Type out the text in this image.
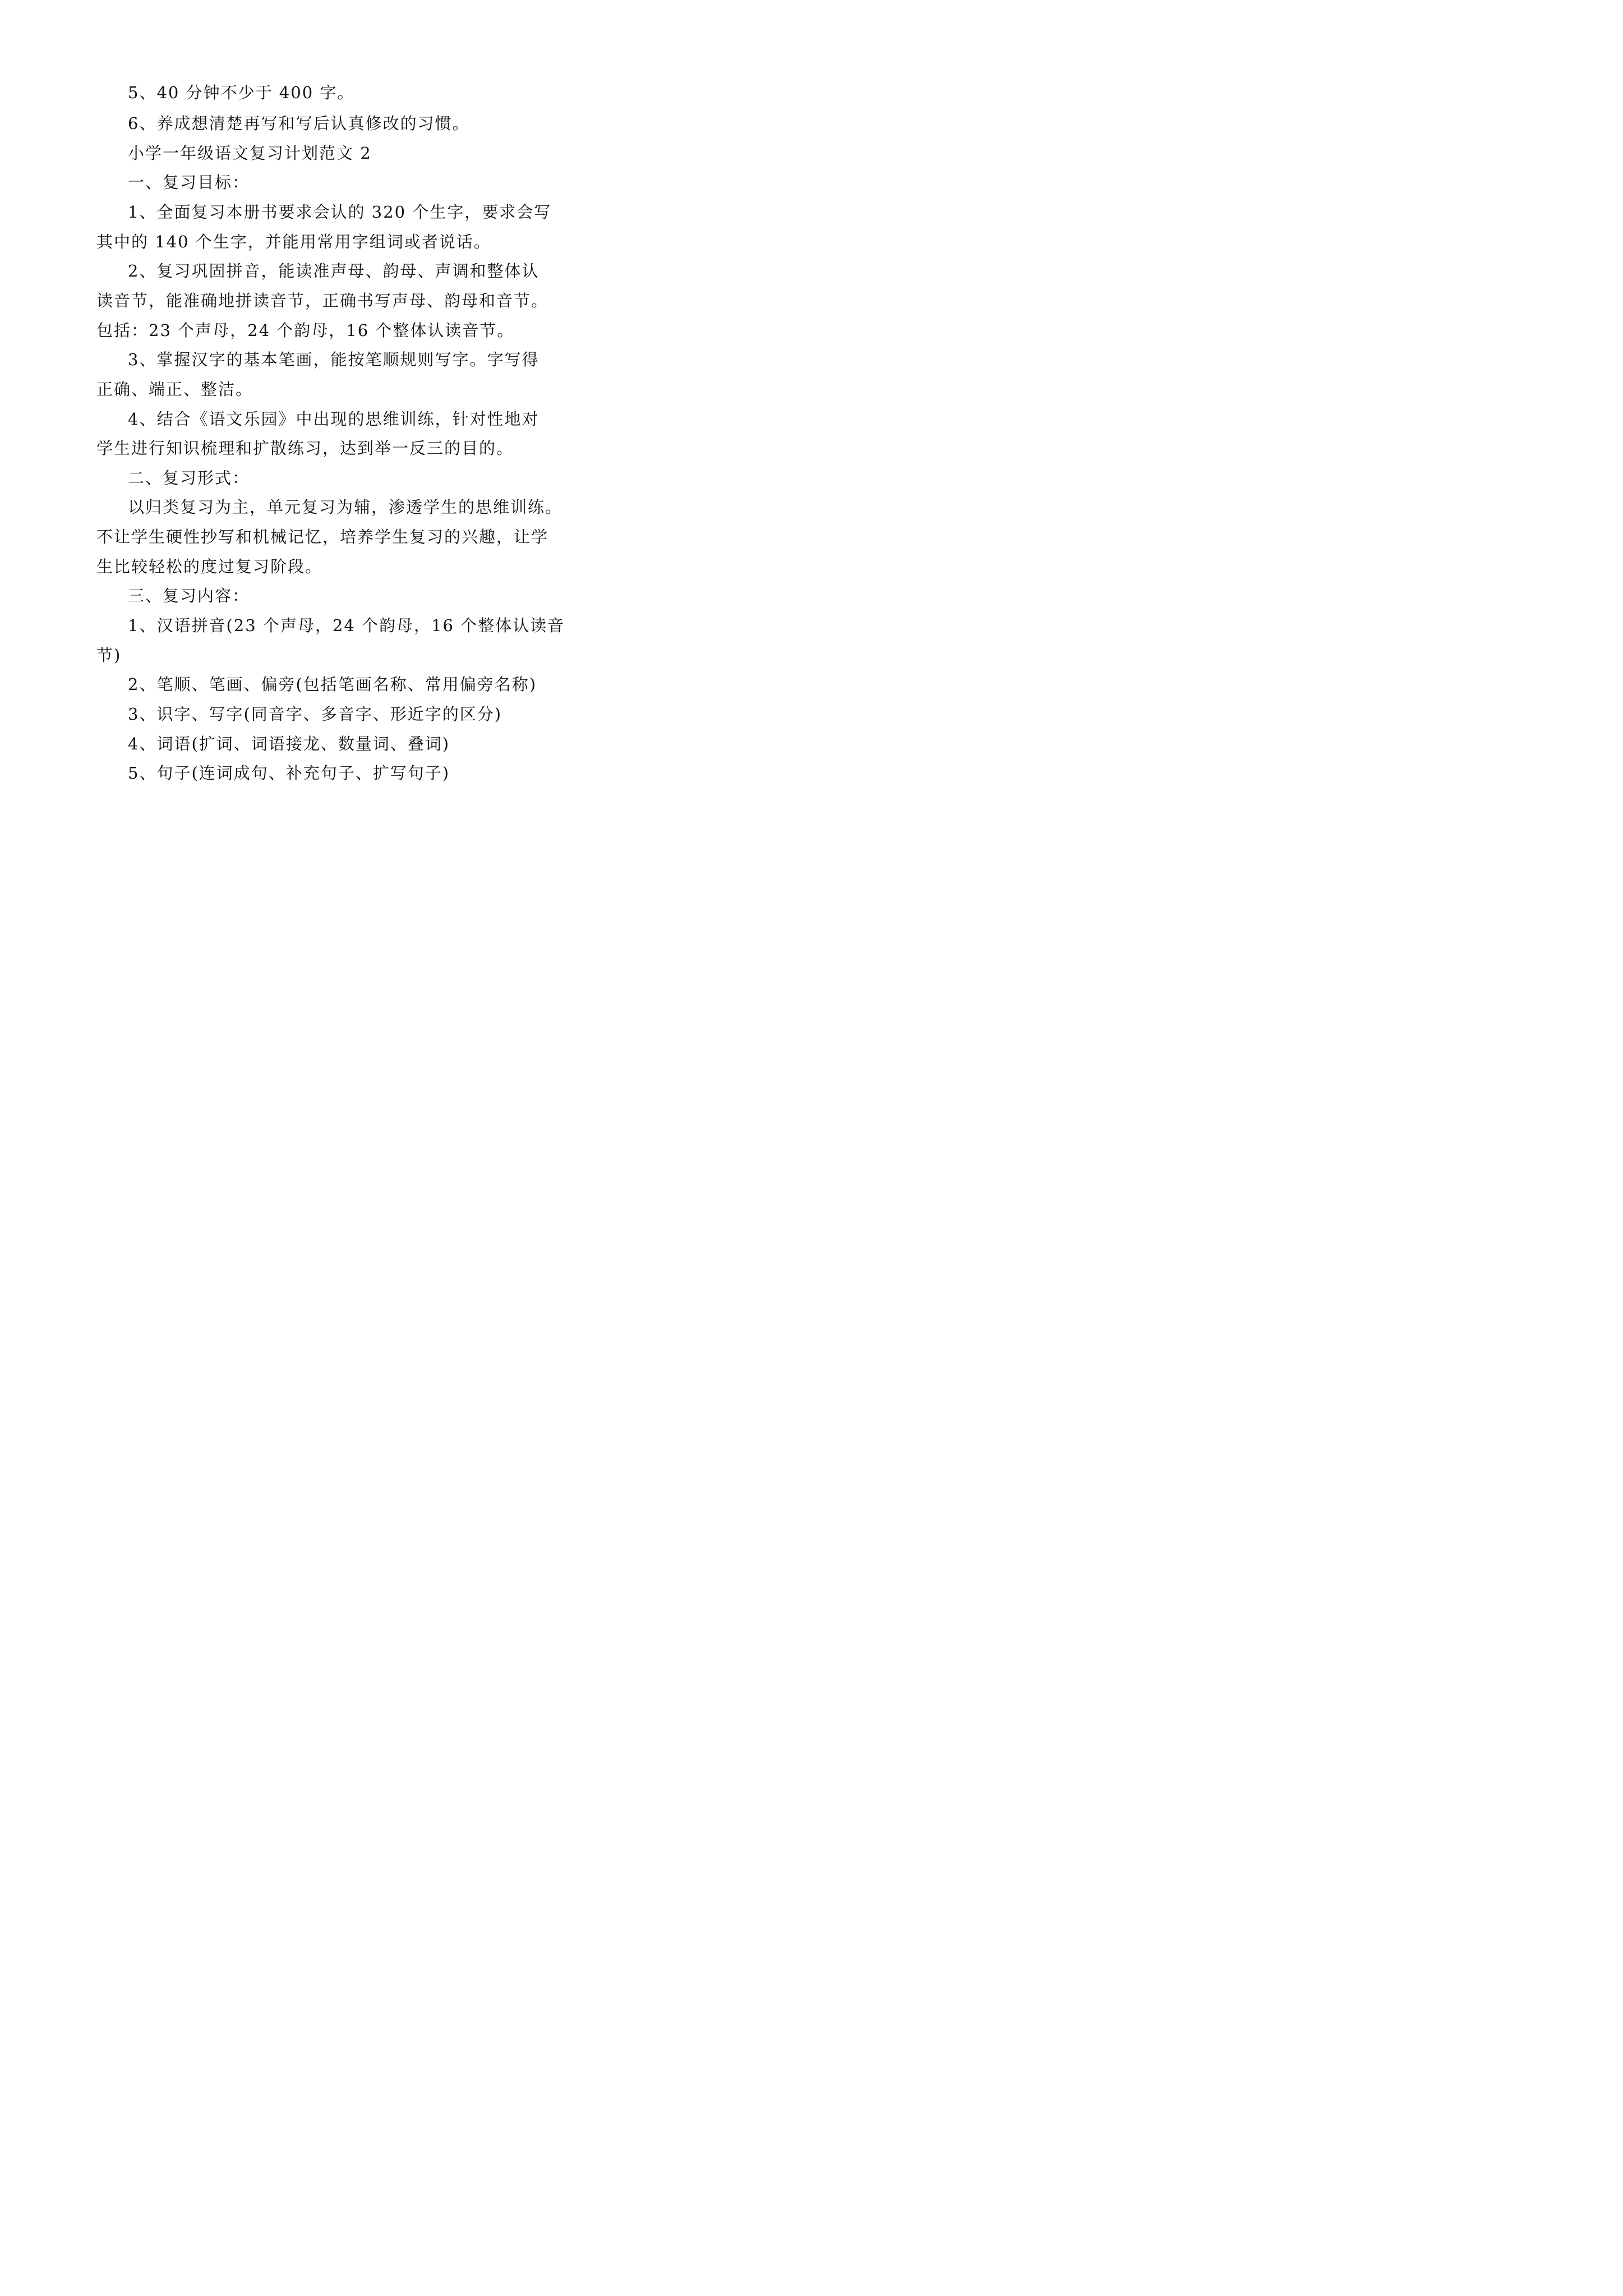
5、40 分钟不少于 400 字。
6、养成想清楚再写和写后认真修改的习惯。
小学一年级语文复习计划范文 2
一、复习目标：
1、全面复习本册书要求会认的 320 个生字，要求会写
其中的 140 个生字，并能用常用字组词或者说话。
2、复习巩固拼音，能读准声母、韵母、声调和整体认
读音节，能准确地拼读音节，正确书写声母、韵母和音节。
包括：23 个声母，24 个韵母，16 个整体认读音节。
3、掌握汉字的基本笔画，能按笔顺规则写字。字写得
正确、端正、整洁。
4、结合《语文乐园》中出现的思维训练，针对性地对
学生进行知识梳理和扩散练习，达到举一反三的目的。
二、复习形式：
以归类复习为主，单元复习为辅，渗透学生的思维训练。
不让学生硬性抄写和机械记忆，培养学生复习的兴趣，让学
生比较轻松的度过复习阶段。
三、复习内容：
1、汉语拼音(23 个声母，24 个韵母，16 个整体认读音
节)
2、笔顺、笔画、偏旁(包括笔画名称、常用偏旁名称)
3、识字、写字(同音字、多音字、形近字的区分)
4、词语(扩词、词语接龙、数量词、叠词)
5、句子(连词成句、补充句子、扩写句子)
